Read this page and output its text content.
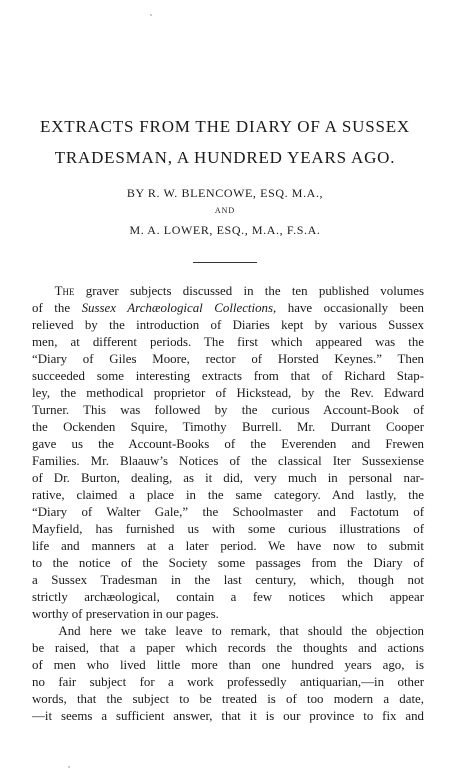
EXTRACTS FROM THE DIARY OF A SUSSEX
TRADESMAN, A HUNDRED YEARS AGO.
BY R. W. BLENCOWE, ESQ. M.A.,
AND
M. A. LOWER, ESQ., M.A., F.S.A.
The graver subjects discussed in the ten published volumes
of the Sussex Archæological Collections, have occasionally been
relieved by the introduction of Diaries kept by various Sussex
men, at different periods. The first which appeared was the
“Diary of Giles Moore, rector of Horsted Keynes.” Then
succeeded some interesting extracts from that of Richard Stap-
ley, the methodical proprietor of Hickstead, by the Rev. Edward
Turner. This was followed by the curious Account-Book of
the Ockenden Squire, Timothy Burrell. Mr. Durrant Cooper
gave us the Account-Books of the Everenden and Frewen
Families. Mr. Blaauw’s Notices of the classical Iter Sussexiense
of Dr. Burton, dealing, as it did, very much in personal nar-
rative, claimed a place in the same category. And lastly, the
“Diary of Walter Gale,” the Schoolmaster and Factotum of
Mayfield, has furnished us with some curious illustrations of
life and manners at a later period. We have now to submit
to the notice of the Society some passages from the Diary of
a Sussex Tradesman in the last century, which, though not
strictly archæological, contain a few notices which appear
worthy of preservation in our pages.
And here we take leave to remark, that should the objection
be raised, that a paper which records the thoughts and actions
of men who lived little more than one hundred years ago, is
no fair subject for a work professedly antiquarian,—in other
words, that the subject to be treated is of too modern a date,
—it seems a sufficient answer, that it is our province to fix and
